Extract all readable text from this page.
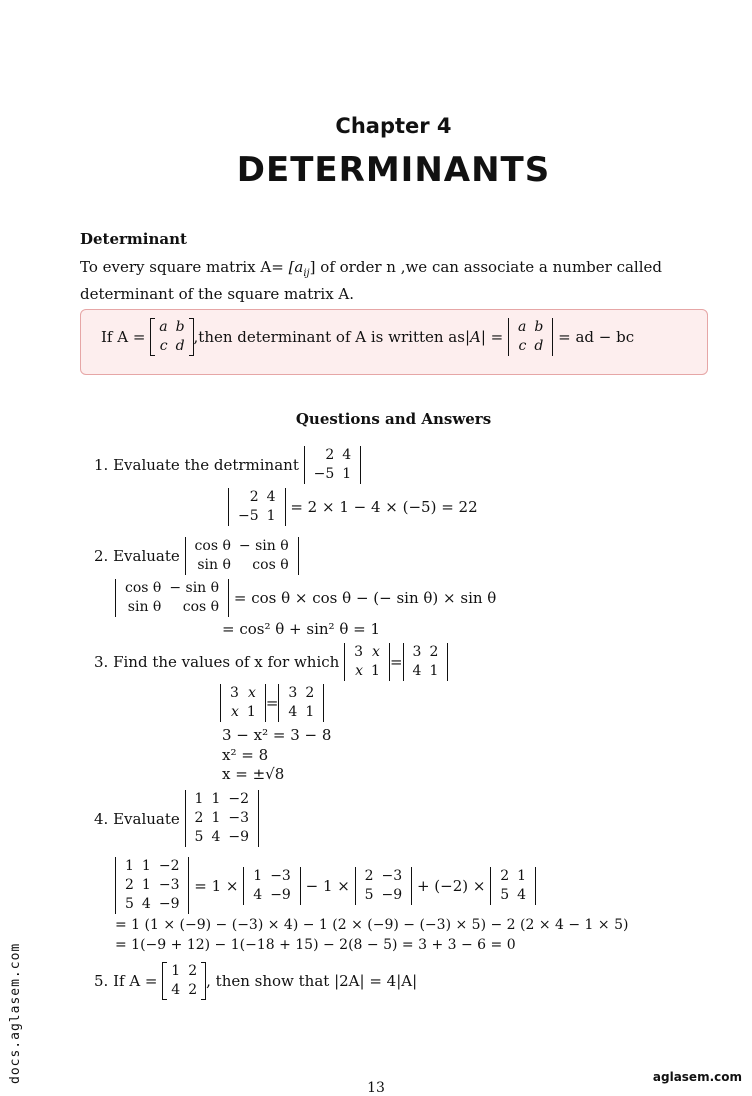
Chapter 4
DETERMINANTS
Determinant
To every square matrix $A= [a_{ij}]$ of order n ,we can associate a number called determinant of the square matrix A.
If A =
a	b
c	d ,then determinant of A is written as|A| =
a	b
c	d = ad − bc
Questions and Answers
1. Evaluate the detrminant
2	4
−5	1
2	4
−5	1 = 2 × 1 − 4 × (−5) = 22
2. Evaluate
cos θ	− sin θ
sin θ	cos θ
cos θ	− sin θ
sin θ	cos θ = cos θ × cos θ − (− sin θ) × sin θ
= cos² θ + sin² θ = 1
3. Find the values of x for which
3	x
x	1 =
3	2
4	1
3	x
x	1 =
3	2
4	1
3 − x² = 3 − 8
x² = 8
x = ±√8
4. Evaluate
1	1	−2
2	1	−3
5	4	−9
1	1	−2
2	1	−3
5	4	−9
= 1 ×
1	−3
4	−9 − 1 ×
2	−3
5	−9 + (−2) ×
2	1
5	4
= 1 (1 × (−9) − (−3) × 4) − 1 (2 × (−9) − (−3) × 5) − 2 (2 × 4 − 1 × 5)
= 1(−9 + 12) − 1(−18 + 15) − 2(8 − 5) = 3 + 3 − 6 = 0
5. If A =
1	2
4	2 , then show that |2A| = 4|A|
docs.aglasem.com	aglasem.com
13
